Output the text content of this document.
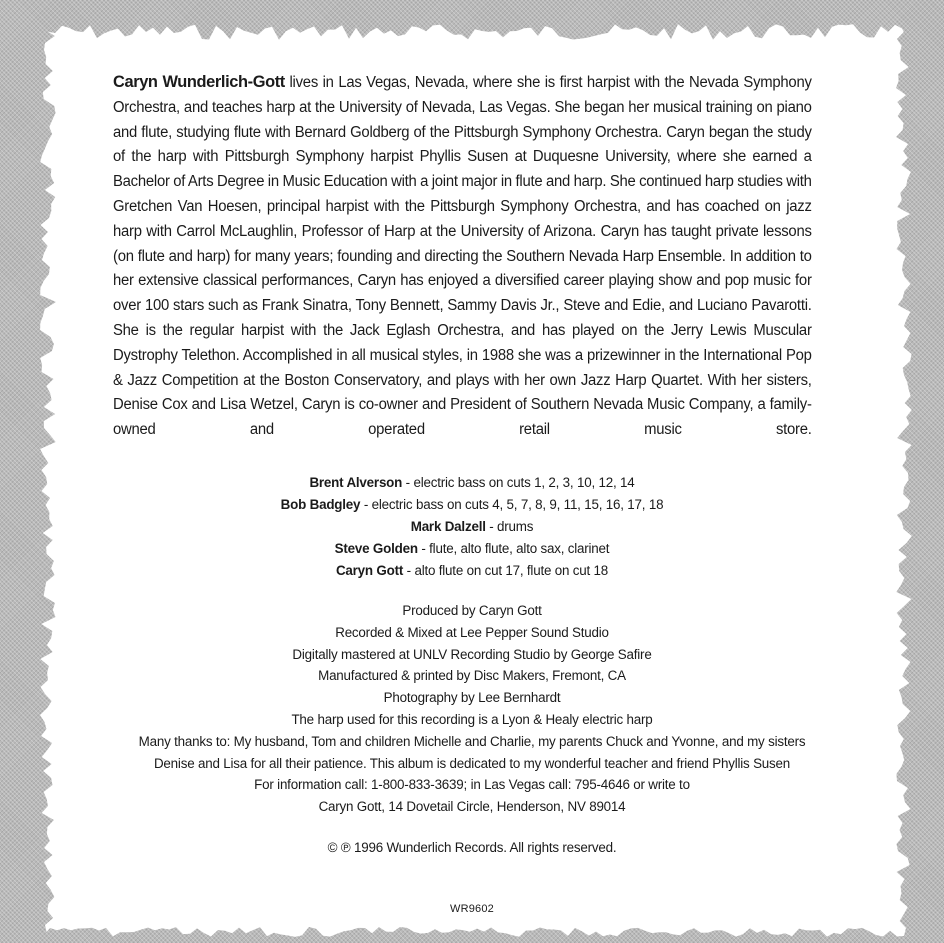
Caryn Wunderlich-Gott lives in Las Vegas, Nevada, where she is first harpist with the Nevada Symphony Orchestra, and teaches harp at the University of Nevada, Las Vegas. She began her musical training on piano and flute, studying flute with Bernard Goldberg of the Pittsburgh Symphony Orchestra. Caryn began the study of the harp with Pittsburgh Symphony harpist Phyllis Susen at Duquesne University, where she earned a Bachelor of Arts Degree in Music Education with a joint major in flute and harp. She continued harp studies with Gretchen Van Hoesen, principal harpist with the Pittsburgh Symphony Orchestra, and has coached on jazz harp with Carrol McLaughlin, Professor of Harp at the University of Arizona. Caryn has taught private lessons (on flute and harp) for many years; founding and directing the Southern Nevada Harp Ensemble. In addition to her extensive classical performances, Caryn has enjoyed a diversified career playing show and pop music for over 100 stars such as Frank Sinatra, Tony Bennett, Sammy Davis Jr., Steve and Edie, and Luciano Pavarotti. She is the regular harpist with the Jack Eglash Orchestra, and has played on the Jerry Lewis Muscular Dystrophy Telethon. Accomplished in all musical styles, in 1988 she was a prizewinner in the International Pop & Jazz Competition at the Boston Conservatory, and plays with her own Jazz Harp Quartet. With her sisters, Denise Cox and Lisa Wetzel, Caryn is co-owner and President of Southern Nevada Music Company, a family-owned and operated retail music store.

Brent Alverson - electric bass on cuts 1, 2, 3, 10, 12, 14
Bob Badgley - electric bass on cuts 4, 5, 7, 8, 9, 11, 15, 16, 17, 18
Mark Dalzell - drums
Steve Golden - flute, alto flute, alto sax, clarinet
Caryn Gott - alto flute on cut 17, flute on cut 18
Produced by Caryn Gott
Recorded & Mixed at Lee Pepper Sound Studio
Digitally mastered at UNLV Recording Studio by George Safire
Manufactured & printed by Disc Makers, Fremont, CA
Photography by Lee Bernhardt
The harp used for this recording is a Lyon & Healy electric harp
Many thanks to: My husband, Tom and children Michelle and Charlie, my parents Chuck and Yvonne, and my sisters
Denise and Lisa for all their patience. This album is dedicated to my wonderful teacher and friend Phyllis Susen
For information call: 1-800-833-3639; in Las Vegas call: 795-4646 or write to
Caryn Gott, 14 Dovetail Circle, Henderson, NV 89014
© ℗ 1996 Wunderlich Records. All rights reserved.
WR9602
